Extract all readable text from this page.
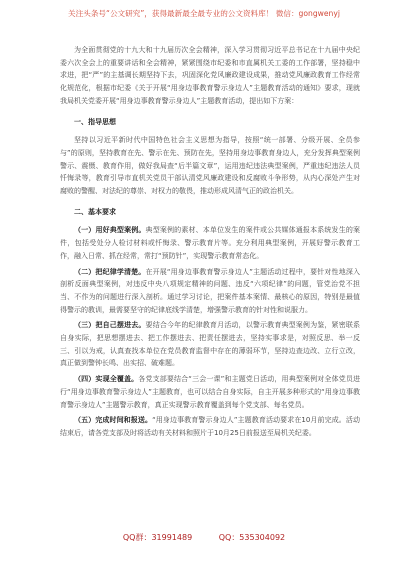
关注头条号“公文研究”，获得最新最全最专业的公文资料库！ 微信：gongwenyj

为全面贯彻党的十九大和十九届历次全会精神，深入学习贯彻习近平总书记在十九届中央纪委六次全会上的重要讲话和全会精神，紧紧围绕市纪委和市直属机关工委的工作部署，坚持稳中求进，把“严”的主基调长期坚持下去，巩固深化党风廉政建设成果，推动党风廉政教育工作经常化规范化，根据市纪委《关于开展“用身边事教育警示身边人”主题教育活动的通知》要求，现就我局机关党委开展“用身边事教育警示身边人”主题教育活动，提出如下方案：

一、指导思想

坚持以习近平新时代中国特色社会主义思想为指导，按照“统一部署、分级开展、全员参与”的原则，坚持教育在先、警示在先、预防在先，坚持用身边事教育身边人，充分发挥典型案例警示、震慑、教育作用，做好我局查“后半篇文章”，运用违纪违法典型案例，严重违纪违法人员忏悔录等，教育引导市直机关党员干部认清党风廉政建设和反腐败斗争形势，从内心深处产生对腐败的警醒、对法纪的尊崇、对权力的敬畏，推动形成风清气正的政治机关。

二、基本要求

（一）用好典型案例。典型案例的素材、本单位发生的案件或公共媒体通报本系统发生的案件，包括受处分人检讨材料或忏悔录、警示教育片等。充分利用典型案例，开展好警示教育工作，融入日常、抓在经常，常打“预防针”，实现警示教育常态化。

（二）把纪律学清楚。在开展“用身边事教育警示身边人”主题活动过程中，要针对性地深入剖析反面典型案例，对违反中央八项规定精神的问题、违反“六项纪律”的问题，管党治党不担当、不作为的问题进行深入剖析。通过学习讨论，把案件基本案情、最核心的原因，特别是最值得警示的教训，最需要坚守的纪律底线学清楚，增强警示教育的针对性和说服力。

（三）把自己摆进去。要结合今年的纪律教育月活动，以警示教育典型案例为鉴，紧密联系自身实际，把思想摆进去、把工作摆进去、把责任摆进去，坚持实事求是，对照反思、举一反三、引以为戒，认真查找本单位在党员教育监督中存在的薄弱环节，坚持边查边改、立行立改，真正做到警钟长鸣、出实招、破难题。

（四）实现全覆盖。各党支部要结合“三会一课”和主题党日活动，用典型案例对全体党员进行“用身边事教育警示身边人”主题教育，也可以结合自身实际，自主开展多种形式的“用身边事教育警示身边人”主题警示教育，真正实现警示教育覆盖到每个党支部、每名党员。

（五）完成时间和报送。“用身边事教育警示身边人”主题教育活动要求在10月前完成。活动结束后，请各党支部及时将活动有关材料和照片于10月25日前报送至局机关纪委。

QQ群：31991489	QQ：535304092
